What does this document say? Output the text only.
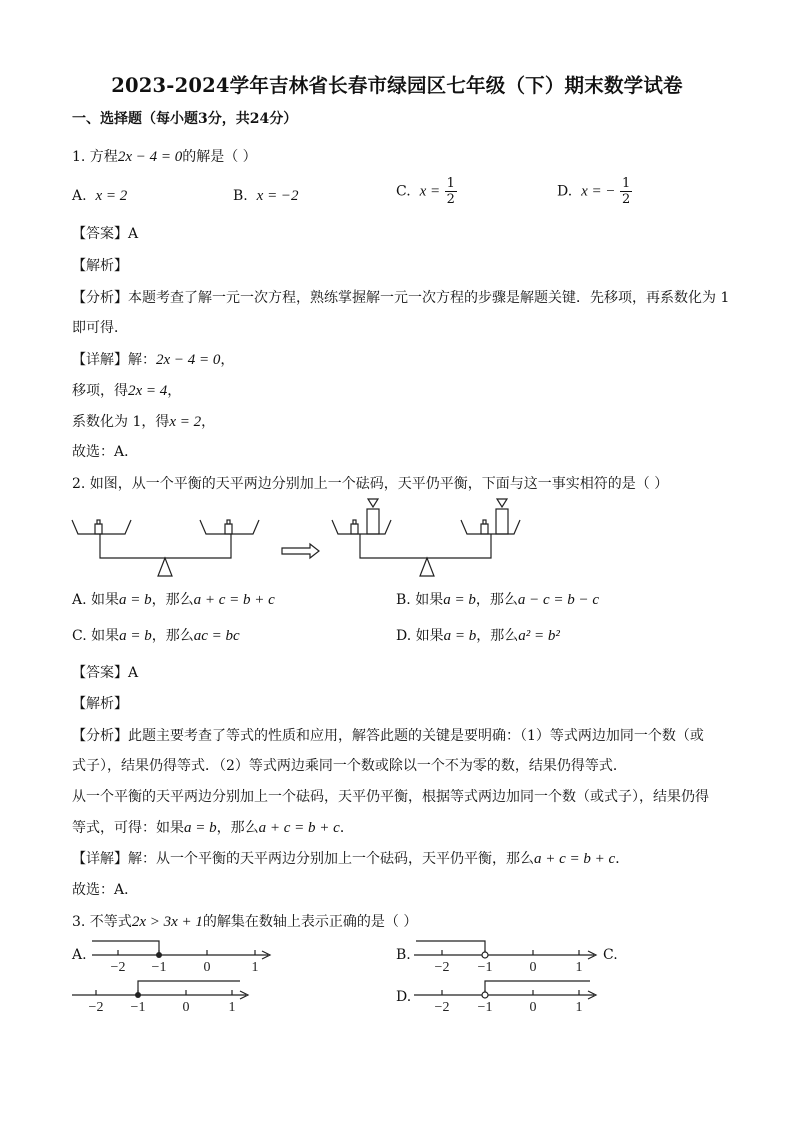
2023-2024学年吉林省长春市绿园区七年级（下）期末数学试卷
一、选择题（每小题3分，共24分）
1. 方程2x − 4 = 0的解是（ ）
A. x = 2	B. x = −2	C. $x = \frac{1}{2}$	D. x = − $\frac{1}{2}$
【答案】A
【解析】
【分析】本题考查了解一元一次方程，熟练掌握解一元一次方程的步骤是解题关键．先移项，再系数化为 1
即可得．
【详解】解：2x − 4 = 0，
移项，得2x = 4，
系数化为 1，得x = 2，
故选：A．
2. 如图，从一个平衡的天平两边分别加上一个砝码，天平仍平衡，下面与这一事实相符的是（ ）
A. 如果a = b，那么a + c = b + c	B. 如果a = b，那么a − c = b − c
C. 如果a = b，那么ac = bc	D. 如果a = b，那么a² = b²
【答案】A
【解析】
【分析】此题主要考查了等式的性质和应用，解答此题的关键是要明确：（1）等式两边加同一个数（或
式子），结果仍得等式．（2）等式两边乘同一个数或除以一个不为零的数，结果仍得等式．
从一个平衡的天平两边分别加上一个砝码，天平仍平衡，根据等式两边加同一个数（或式子），结果仍得
等式，可得：如果a = b，那么a + c = b + c．
【详解】解：从一个平衡的天平两边分别加上一个砝码，天平仍平衡，那么a + c = b + c．
故选：A．
3. 不等式2x > 3x + 1的解集在数轴上表示正确的是（ ）
A.	B.	C.
D.
−2 −1	0	1	−2 −1	0	1
−2 −1	0	1	−2 −1	0	1
